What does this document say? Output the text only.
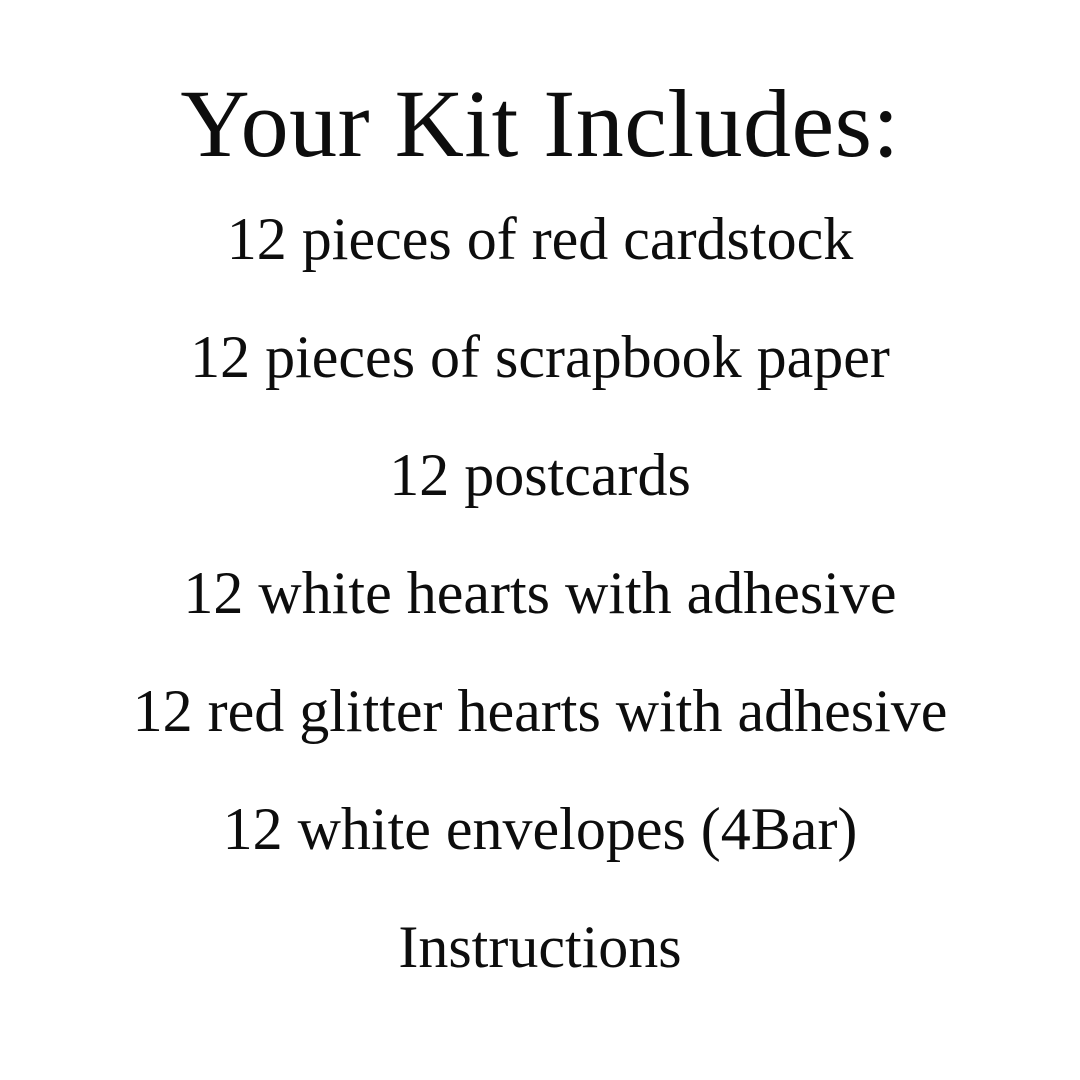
Your Kit Includes:
12 pieces of red cardstock
12 pieces of scrapbook paper
12 postcards
12 white hearts with adhesive
12 red glitter hearts with adhesive
12 white envelopes (4Bar)
Instructions
